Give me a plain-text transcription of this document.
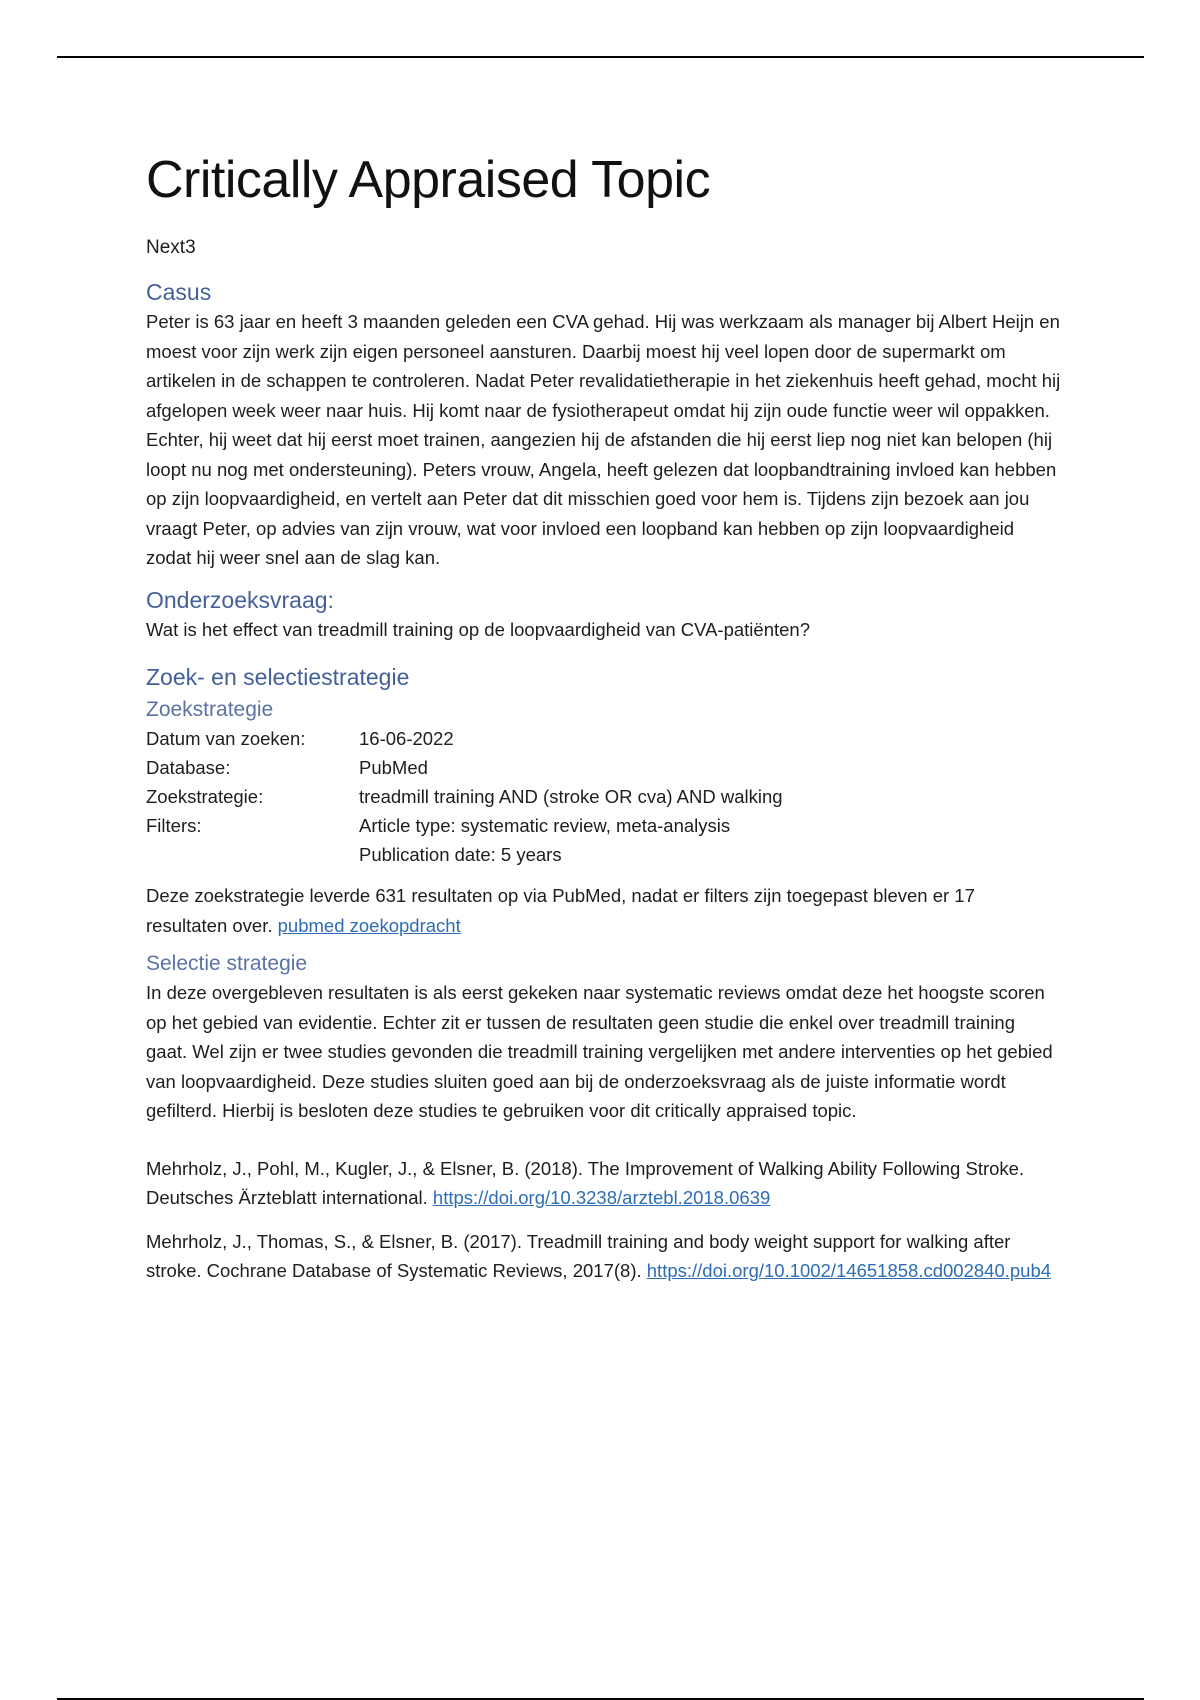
Critically Appraised Topic
Next3
Casus

Peter is 63 jaar en heeft 3 maanden geleden een CVA gehad. Hij was werkzaam als manager bij Albert Heijn en moest voor zijn werk zijn eigen personeel aansturen. Daarbij moest hij veel lopen door de supermarkt om artikelen in de schappen te controleren. Nadat Peter revalidatietherapie in het ziekenhuis heeft gehad, mocht hij afgelopen week weer naar huis. Hij komt naar de fysiotherapeut omdat hij zijn oude functie weer wil oppakken. Echter, hij weet dat hij eerst moet trainen, aangezien hij de afstanden die hij eerst liep nog niet kan belopen (hij loopt nu nog met ondersteuning). Peters vrouw, Angela, heeft gelezen dat loopbandtraining invloed kan hebben op zijn loopvaardigheid, en vertelt aan Peter dat dit misschien goed voor hem is. Tijdens zijn bezoek aan jou vraagt Peter, op advies van zijn vrouw, wat voor invloed een loopband kan hebben op zijn loopvaardigheid zodat hij weer snel aan de slag kan.

Onderzoeksvraag:

Wat is het effect van treadmill training op de loopvaardigheid van CVA-patiënten?

Zoek- en selectiestrategie
Zoekstrategie
Datum van zoeken:	16-06-2022
Database:	PubMed
Zoekstrategie:	treadmill training AND (stroke OR cva) AND walking
Filters:	Article type: systematic review, meta-analysis
Publication date: 5 years

Deze zoekstrategie leverde 631 resultaten op via PubMed, nadat er filters zijn toegepast bleven er 17 resultaten over. pubmed zoekopdracht

Selectie strategie

In deze overgebleven resultaten is als eerst gekeken naar systematic reviews omdat deze het hoogste scoren op het gebied van evidentie. Echter zit er tussen de resultaten geen studie die enkel over treadmill training gaat. Wel zijn er twee studies gevonden die treadmill training vergelijken met andere interventies op het gebied van loopvaardigheid. Deze studies sluiten goed aan bij de onderzoeksvraag als de juiste informatie wordt gefilterd. Hierbij is besloten deze studies te gebruiken voor dit critically appraised topic.

Mehrholz, J., Pohl, M., Kugler, J., & Elsner, B. (2018). The Improvement of Walking Ability Following Stroke. Deutsches Ärzteblatt international. https://doi.org/10.3238/arztebl.2018.0639

Mehrholz, J., Thomas, S., & Elsner, B. (2017). Treadmill training and body weight support for walking after stroke. Cochrane Database of Systematic Reviews, 2017(8). https://doi.org/10.1002/14651858.cd002840.pub4
